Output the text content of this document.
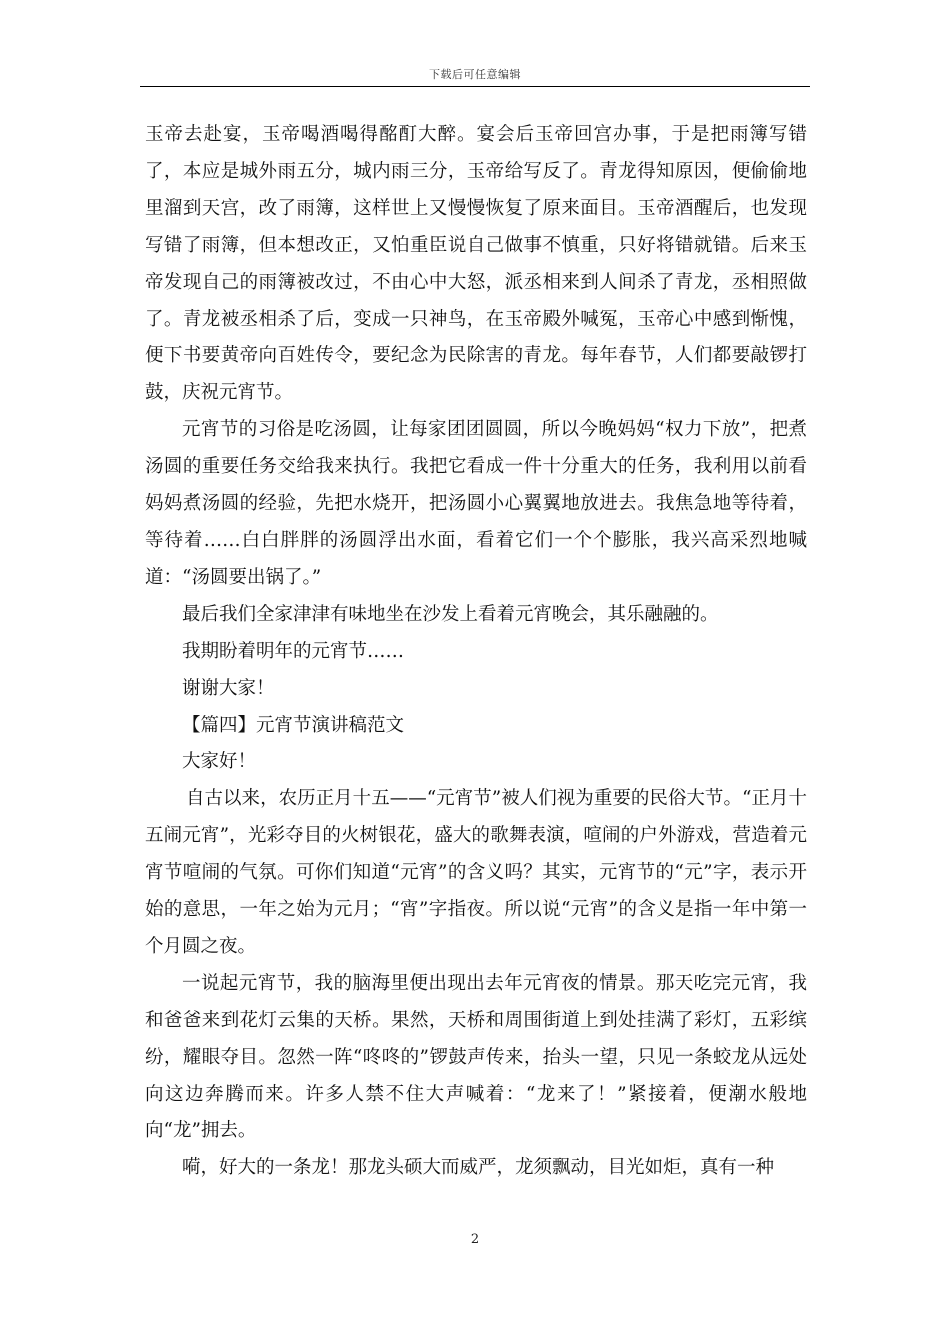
下载后可任意编辑

玉帝去赴宴，玉帝喝酒喝得酩酊大醉。宴会后玉帝回宫办事，于是把雨簿写错了，本应是城外雨五分，城内雨三分，玉帝给写反了。青龙得知原因，便偷偷地里溜到天宫，改了雨簿，这样世上又慢慢恢复了原来面目。玉帝酒醒后，也发现写错了雨簿，但本想改正，又怕重臣说自己做事不慎重，只好将错就错。后来玉帝发现自己的雨簿被改过，不由心中大怒，派丞相来到人间杀了青龙，丞相照做了。青龙被丞相杀了后，变成一只神鸟，在玉帝殿外喊冤，玉帝心中感到惭愧，便下书要黄帝向百姓传令，要纪念为民除害的青龙。每年春节，人们都要敲锣打鼓，庆祝元宵节。

元宵节的习俗是吃汤圆，让每家团团圆圆，所以今晚妈妈“权力下放”，把煮汤圆的重要任务交给我来执行。我把它看成一件十分重大的任务，我利用以前看妈妈煮汤圆的经验，先把水烧开，把汤圆小心翼翼地放进去。我焦急地等待着，等待着……白白胖胖的汤圆浮出水面，看着它们一个个膨胀，我兴高采烈地喊道：“汤圆要出锅了。”

最后我们全家津津有味地坐在沙发上看着元宵晚会，其乐融融的。

我期盼着明年的元宵节……

谢谢大家！

【篇四】元宵节演讲稿范文

大家好！

自古以来，农历正月十五——“元宵节”被人们视为重要的民俗大节。“正月十五闹元宵”，光彩夺目的火树银花，盛大的歌舞表演，喧闹的户外游戏，营造着元宵节喧闹的气氛。可你们知道“元宵”的含义吗？其实，元宵节的“元”字，表示开始的意思，一年之始为元月；“宵”字指夜。所以说“元宵”的含义是指一年中第一个月圆之夜。

一说起元宵节，我的脑海里便出现出去年元宵夜的情景。那天吃完元宵，我和爸爸来到花灯云集的天桥。果然，天桥和周围街道上到处挂满了彩灯，五彩缤纷，耀眼夺目。忽然一阵“咚咚的”锣鼓声传来，抬头一望，只见一条蛟龙从远处向这边奔腾而来。许多人禁不住大声喊着：“龙来了！”紧接着，便潮水般地向“龙”拥去。

嗬，好大的一条龙！那龙头硕大而威严，龙须飘动，目光如炬，真有一种

2
